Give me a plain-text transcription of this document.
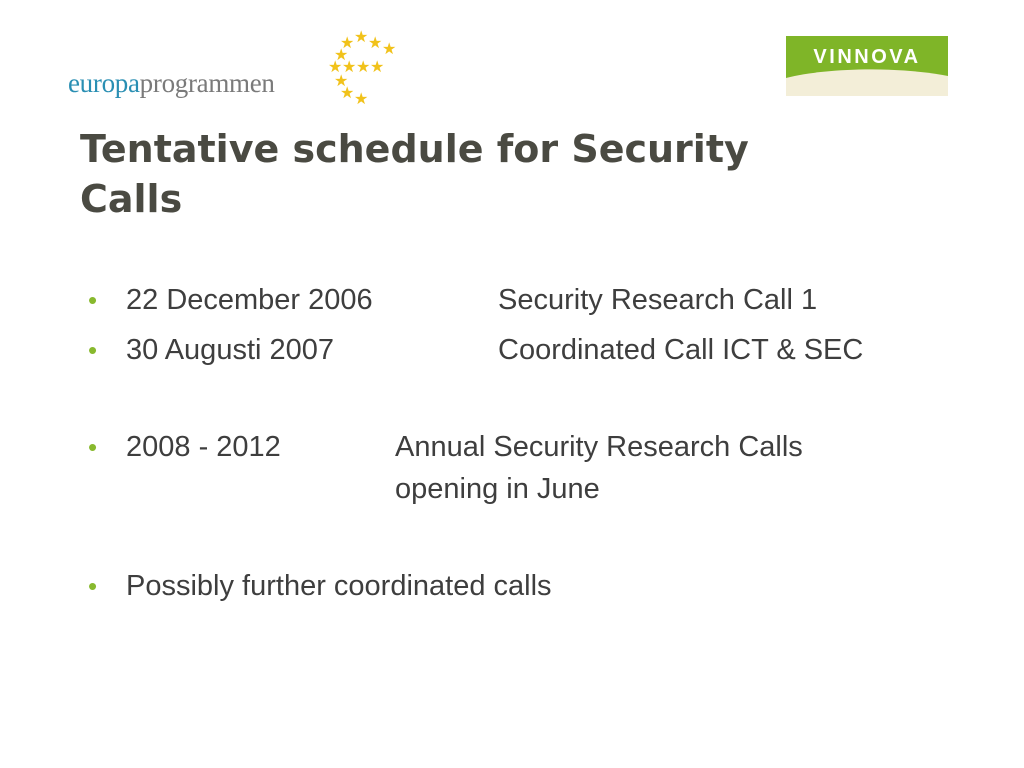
europaprogrammen
★
★ ★ ★
★
★ ★ ★ ★
★
★ ★
VINNOVA
Tentative schedule for Security
Calls
• 22 December 2006	Security Research Call 1
• 30 Augusti 2007	Coordinated Call ICT & SEC
• 2008 - 2012	Annual Security Research Calls
opening in June
• Possibly further coordinated calls
